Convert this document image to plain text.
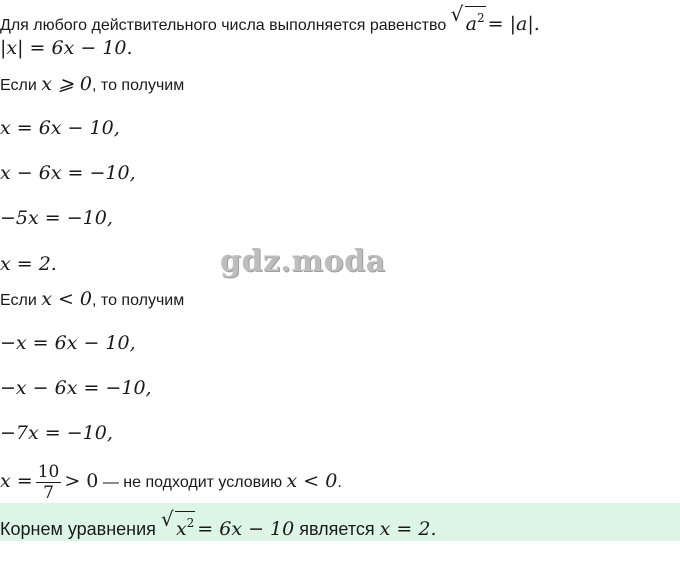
Для любого действительного числа выполняется равенство √ $a^2 = |a|$.
|x| = 6x − 10.
Если x ⩾ 0, то получим
x = 6x − 10,
x − 6x = −10,
−5x = −10,
x = 2.	gdz.moda
Если x < 0, то получим
−x = 6x − 10,
−x − 6x = −10,
−7x = −10,
$x = \frac{10}{7} > 0$ — не подходит условию x < 0.
Корнем уравнения √ $x^2 = 6x - 10$ является x = 2.
